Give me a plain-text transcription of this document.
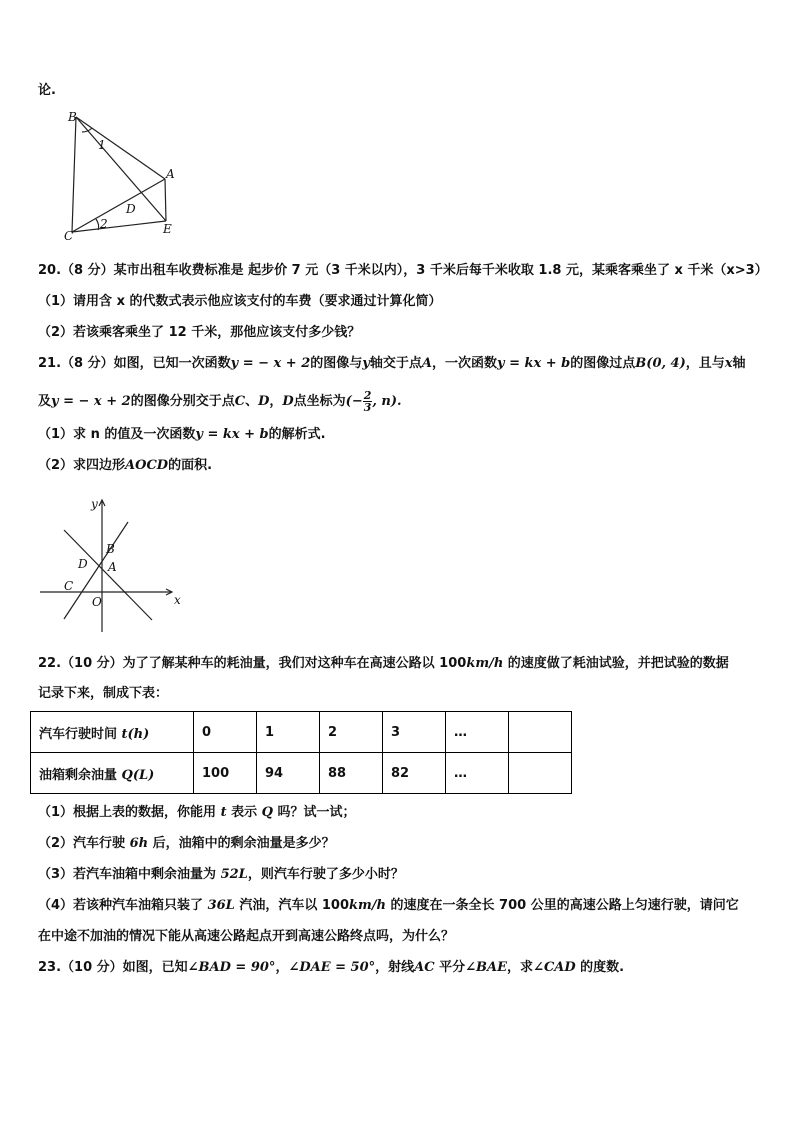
论.
B
1
A
D
2
C	E
20.（8 分）某市出租车收费标准是 起步价 7 元（3 千米以内），3 千米后每千米收取 1.8 元，某乘客乘坐了 x 千米（x>3）
（1）请用含 x 的代数式表示他应该支付的车费（要求通过计算化简）
（2）若该乘客乘坐了 12 千米，那他应该支付多少钱？
21.（8 分）如图，已知一次函数y = − x + 2的图像与y轴交于点A，一次函数y = kx + b的图像过点B(0, 4)，且与x轴
及y = − x + 2的图像分别交于点C、D，D点坐标为(− $\frac{2}{3}$ , n).
（1）求 n 的值及一次函数y = kx + b的解析式.
（2）求四边形AOCD的面积.
y
B
D A
C
O	x
22.（10 分）为了了解某种车的耗油量，我们对这种车在高速公路以 100km/h 的速度做了耗油试验，并把试验的数据
记录下来，制成下表：
汽车行驶时间 t(h)	0	1	2	3	…	
油箱剩余油量 Q(L)	100	94	88	82	…	
（1）根据上表的数据，你能用 t 表示 Q 吗？试一试；
（2）汽车行驶 6h 后，油箱中的剩余油量是多少？
（3）若汽车油箱中剩余油量为 52L，则汽车行驶了多少小时？
（4）若该种汽车油箱只装了 36L 汽油，汽车以 100km/h 的速度在一条全长 700 公里的高速公路上匀速行驶，请问它
在中途不加油的情况下能从高速公路起点开到高速公路终点吗，为什么？
23.（10 分）如图，已知∠BAD = 90°，∠DAE = 50°，射线AC 平分∠BAE，求∠CAD 的度数.
